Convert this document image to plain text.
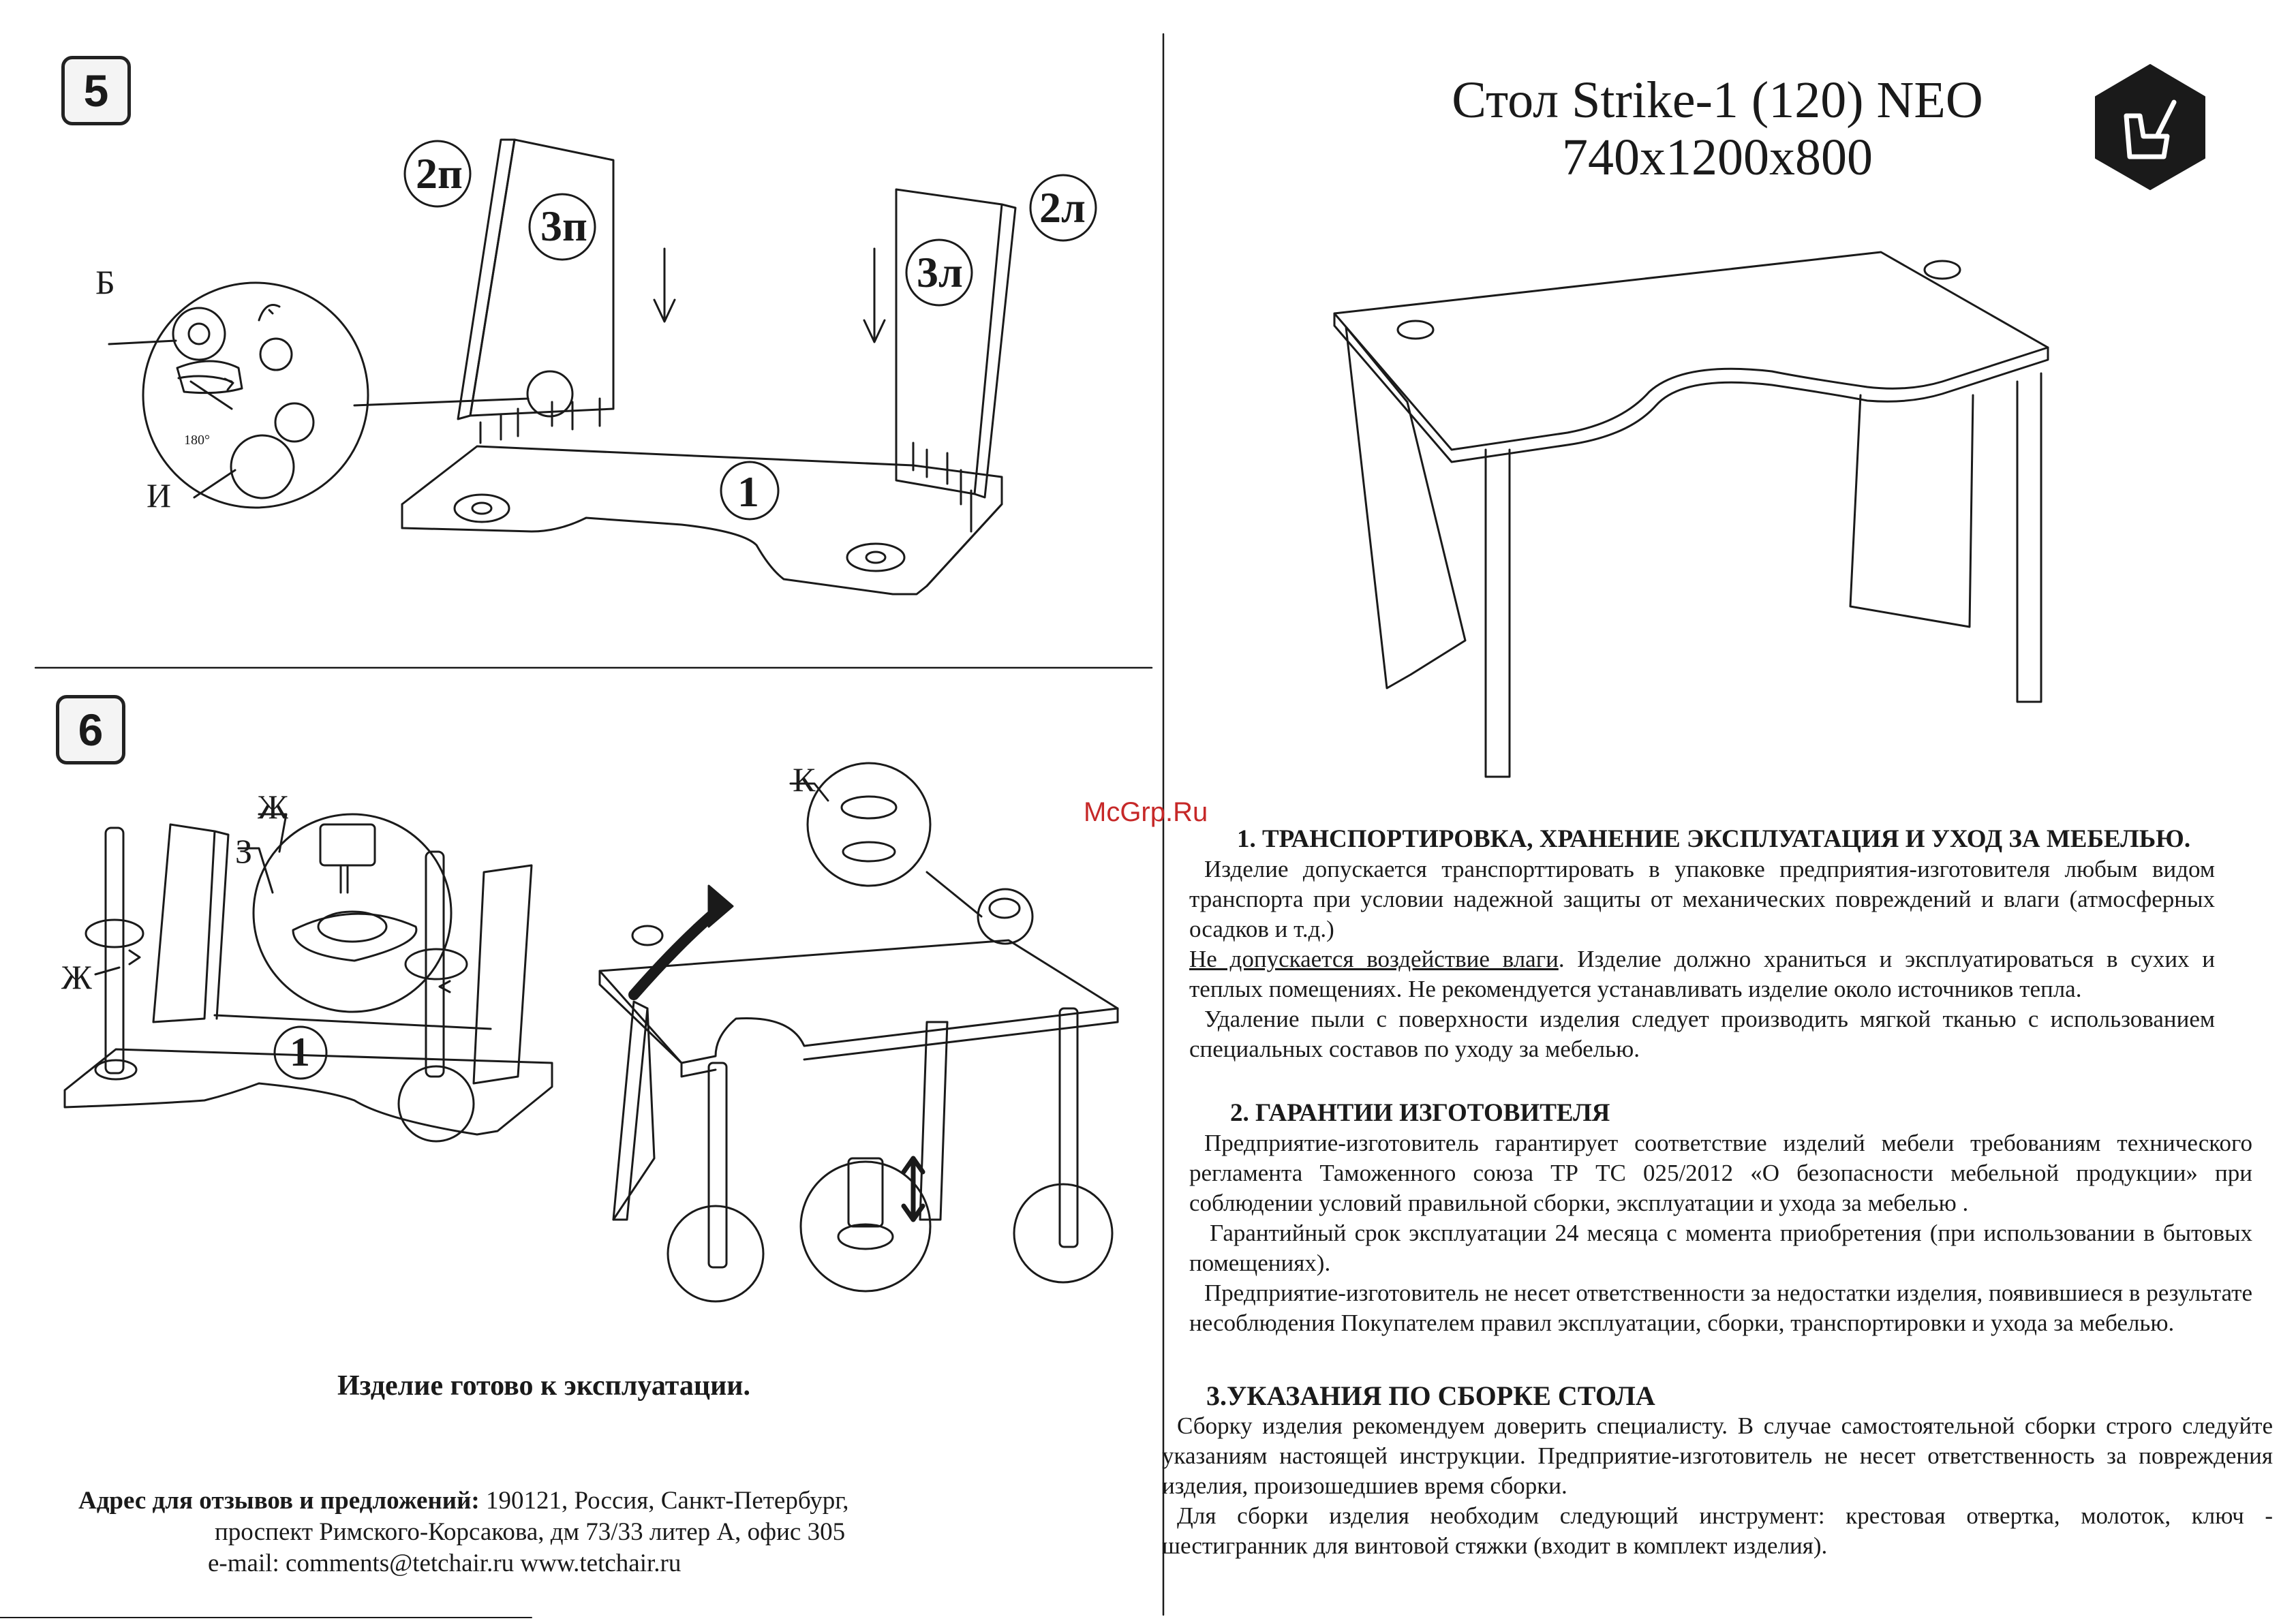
5
6
Б
И
180°
2п
3п	2л
3л
1
1
Ж
З
Ж
К
Стол Strike-1 (120) NEO
740x1200x800
McGrp.Ru

1. ТРАНСПОРТИРОВКА, ХРАНЕНИЕ ЭКСПЛУАТАЦИЯ И УХОД ЗА МЕБЕЛЬЮ.

Изделие допускается транспорттировать в упаковке предприятия-изготовителя любым видом транспорта при условии надежной защиты от механических повреждений и влаги (атмосферных осадков и т.д.)

Не допускается воздействие влаги. Изделие должно храниться и эксплуатироваться в сухих и теплых помещениях. Не рекомендуется устанавливать изделие около источников тепла.

Удаление пыли с поверхности изделия следует производить мягкой тканью с использованием специальных составов по уходу за мебелью.

2. ГАРАНТИИ ИЗГОТОВИТЕЛЯ

Предприятие-изготовитель гарантирует соответствие изделий мебели требованиям технического регламента Таможенного союза ТР ТС 025/2012 «О безопасности мебельной продукции» при соблюдении условий правильной сборки, эксплуатации и ухода за мебелью .

Гарантийный срок эксплуатации 24 месяца с момента приобретения (при использовании в бытовых помещениях).

Предприятие-изготовитель не несет ответственности за недостатки изделия, появившиеся в результате несоблюдения Покупателем правил эксплуатации, сборки, транспортировки и ухода за мебелью.

3.УКАЗАНИЯ ПО СБОРКЕ СТОЛА

Сборку изделия рекомендуем доверить специалисту. В случае самостоятельной сборки строго следуйте указаниям настоящей инструкции. Предприятие-изготовитель не несет ответственность за повреждения изделия, произошедшиев время сборки.

Для сборки изделия необходим следующий инструмент: крестовая отвертка, молоток, ключ - шестигранник для винтовой стяжки (входит в комплект изделия).

Изделие готово к эксплуатации.
Адрес для отзывов и предложений: 190121, Россия, Санкт-Петербург,
проспект Римского-Корсакова, дм 73/33 литер А, офис 305
e-mail: comments@tetchair.ru www.tetchair.ru
